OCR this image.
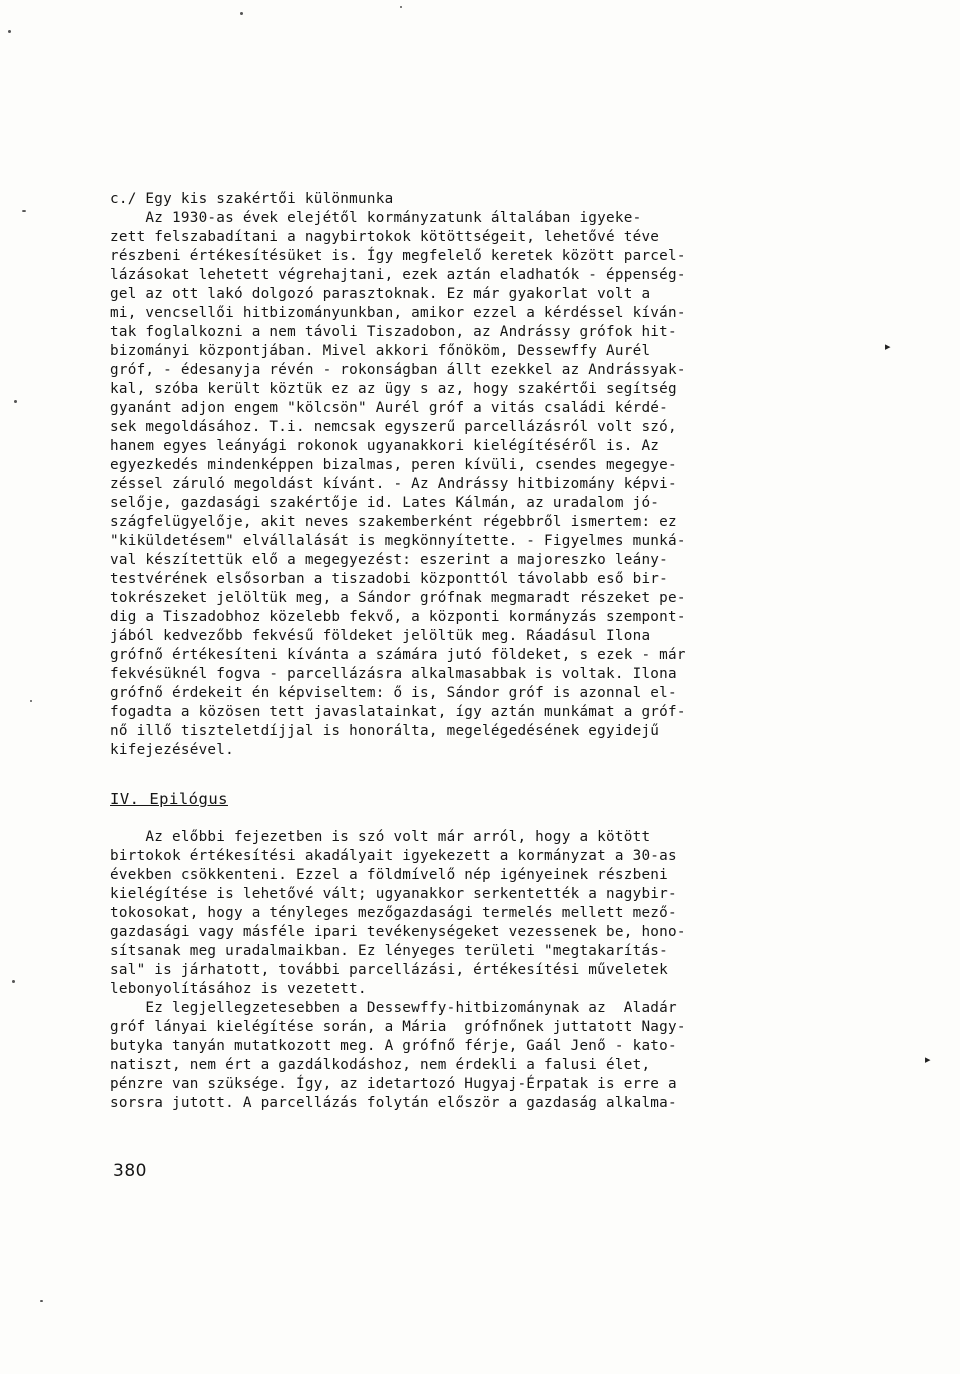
c./ Egy kis szakértői különmunka
Az 1930-as évek elejétől kormányzatunk általában igyeke-
zett felszabadítani a nagybirtokok kötöttségeit, lehetővé téve
részbeni értékesítésüket is. Így megfelelő keretek között parcel-
lázásokat lehetett végrehajtani, ezek aztán eladhatók - éppenség-
gel az ott lakó dolgozó parasztoknak. Ez már gyakorlat volt a
mi, vencsellői hitbizományunkban, amikor ezzel a kérdéssel kíván-
tak foglalkozni a nem távoli Tiszadobon, az Andrássy grófok hit-
bizományi központjában. Mivel akkori főnököm, Dessewffy Aurél
gróf, - édesanyja révén - rokonságban állt ezekkel az Andrássyak-
kal, szóba került köztük ez az ügy s az, hogy szakértői segítség
gyanánt adjon engem "kölcsön" Aurél gróf a vitás családi kérdé-
sek megoldásához. T.i. nemcsak egyszerű parcellázásról volt szó,
hanem egyes leányági rokonok ugyanakkori kielégítéséről is. Az
egyezkedés mindenképpen bizalmas, peren kívüli, csendes megegye-
zéssel záruló megoldást kívánt. - Az Andrássy hitbizomány képvi-
selője, gazdasági szakértője id. Lates Kálmán, az uradalom jó-
szágfelügyelője, akit neves szakemberként régebbről ismertem: ez
"kiküldetésem" elvállalását is megkönnyítette. - Figyelmes munká-
val készítettük elő a megegyezést: eszerint a majoreszko leány-
testvérének elsősorban a tiszadobi központtól távolabb eső bir-
tokrészeket jelöltük meg, a Sándor grófnak megmaradt részeket pe-
dig a Tiszadobhoz közelebb fekvő, a központi kormányzás szempont-
jából kedvezőbb fekvésű földeket jelöltük meg. Ráadásul Ilona
grófnő értékesíteni kívánta a számára jutó földeket, s ezek - már
fekvésüknél fogva - parcellázásra alkalmasabbak is voltak. Ilona
grófnő érdekeit én képviseltem: ő is, Sándor gróf is azonnal el-
fogadta a közösen tett javaslatainkat, így aztán munkámat a gróf-
nő illő tiszteletdíjjal is honorálta, megelégedésének egyidejű
kifejezésével.
IV. Epilógus
Az előbbi fejezetben is szó volt már arról, hogy a kötött
birtokok értékesítési akadályait igyekezett a kormányzat a 30-as
években csökkenteni. Ezzel a földmívelő nép igényeinek részbeni
kielégítése is lehetővé vált; ugyanakkor serkentették a nagybir-
tokosokat, hogy a tényleges mezőgazdasági termelés mellett mező-
gazdasági vagy másféle ipari tevékenységeket vezessenek be, hono-
sítsanak meg uradalmaikban. Ez lényeges területi "megtakarítás-
sal" is járhatott, további parcellázási, értékesítési műveletek
lebonyolításához is vezetett.
Ez legjellegzetesebben a Dessewffy-hitbizománynak az  Aladár
gróf lányai kielégítése során, a Mária  grófnőnek juttatott Nagy-
butyka tanyán mutatkozott meg. A grófnő férje, Gaál Jenő - kato-
natiszt, nem ért a gazdálkodáshoz, nem érdekli a falusi élet,
pénzre van szüksége. Így, az idetartozó Hugyaj-Érpatak is erre a
sorsra jutott. A parcellázás folytán először a gazdaság alkalma-
380
▸
▸
